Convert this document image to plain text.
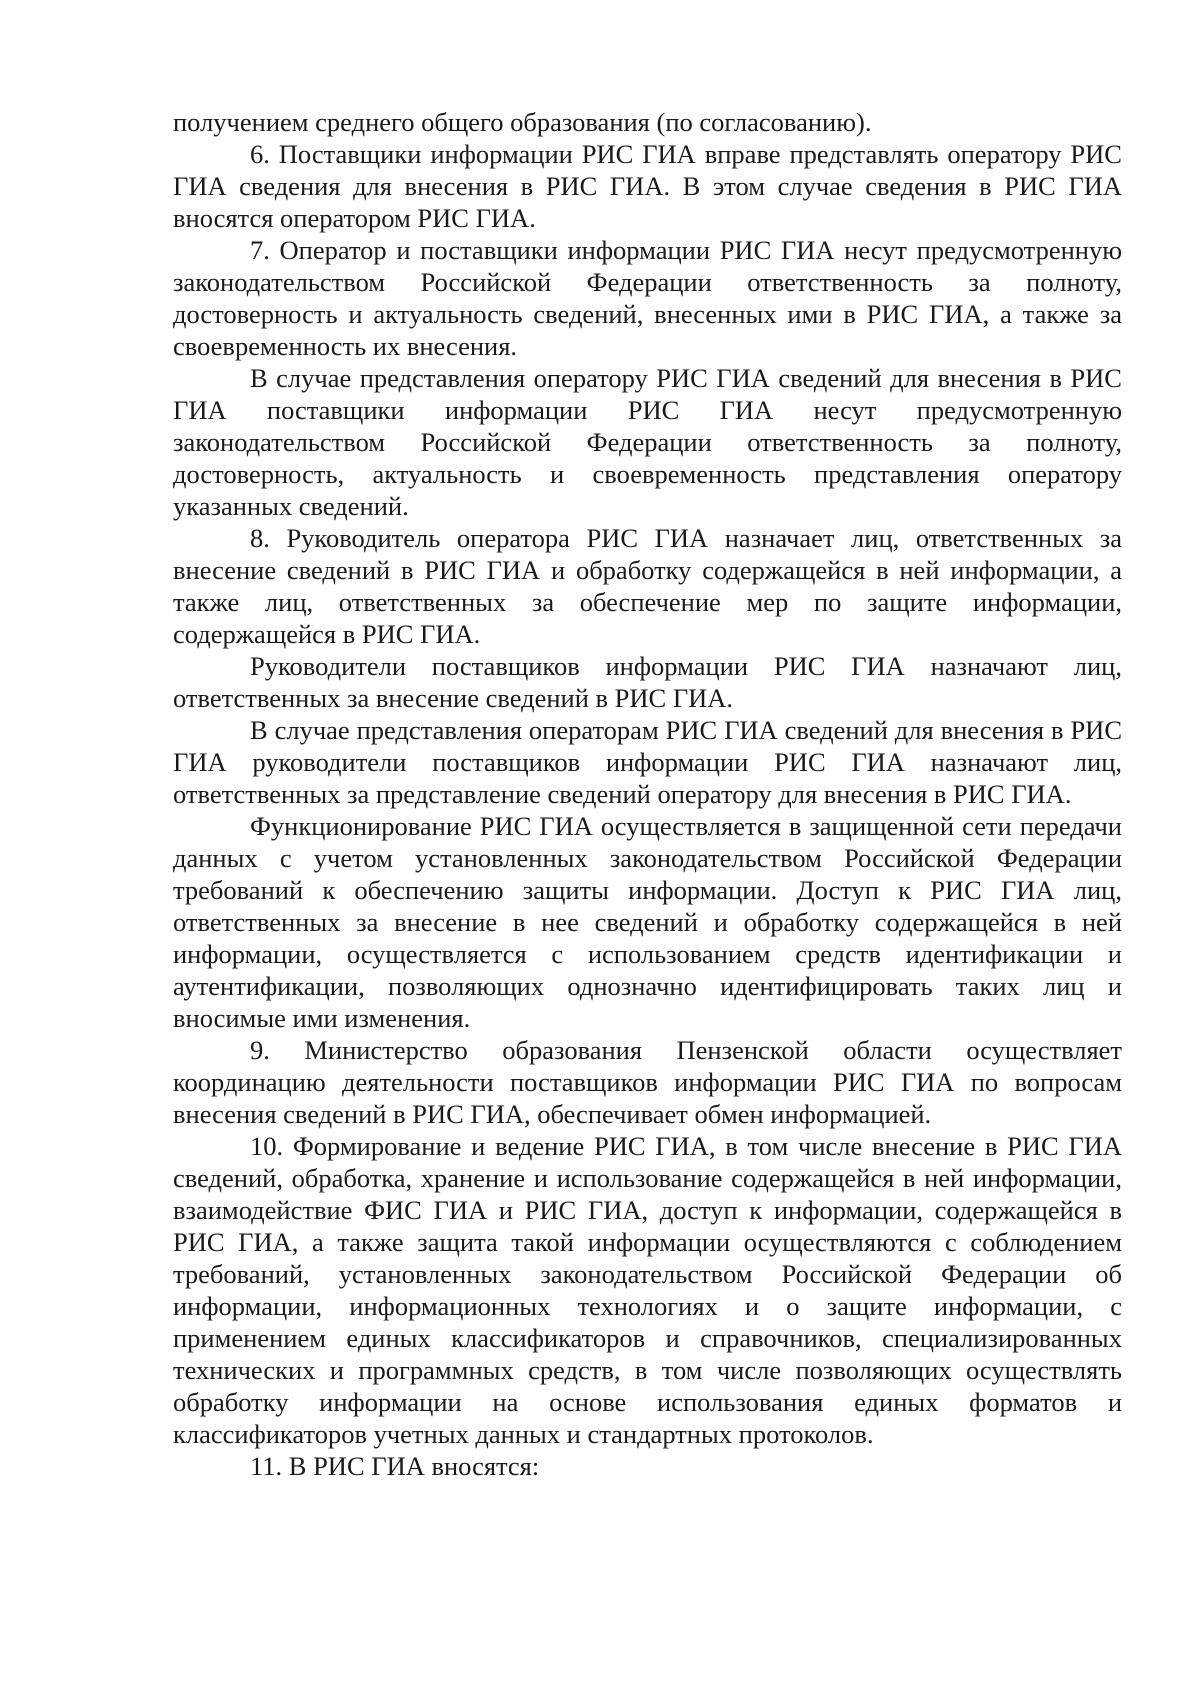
получением среднего общего образования (по согласованию).

6. Поставщики информации РИС ГИА вправе представлять оператору РИС ГИА сведения для внесения в РИС ГИА. В этом случае сведения в РИС ГИА вносятся оператором РИС ГИА.

7. Оператор и поставщики информации РИС ГИА несут предусмотренную законодательством Российской Федерации ответственность за полноту, достоверность и актуальность сведений, внесенных ими в РИС ГИА, а также за своевременность их внесения.

В случае представления оператору РИС ГИА сведений для внесения в РИС ГИА поставщики информации РИС ГИА несут предусмотренную законодательством Российской Федерации ответственность за полноту, достоверность, актуальность и своевременность представления оператору указанных сведений.

8. Руководитель оператора РИС ГИА назначает лиц, ответственных за внесение сведений в РИС ГИА и обработку содержащейся в ней информации, а также лиц, ответственных за обеспечение мер по защите информации, содержащейся в РИС ГИА.

Руководители поставщиков информации РИС ГИА назначают лиц, ответственных за внесение сведений в РИС ГИА.

В случае представления операторам РИС ГИА сведений для внесения в РИС ГИА руководители поставщиков информации РИС ГИА назначают лиц, ответственных за представление сведений оператору для внесения в РИС ГИА.

Функционирование РИС ГИА осуществляется в защищенной сети передачи данных с учетом установленных законодательством Российской Федерации требований к обеспечению защиты информации. Доступ к РИС ГИА лиц, ответственных за внесение в нее сведений и обработку содержащейся в ней информации, осуществляется с использованием средств идентификации и аутентификации, позволяющих однозначно идентифицировать таких лиц и вносимые ими изменения.

9. Министерство образования Пензенской области осуществляет координацию деятельности поставщиков информации РИС ГИА по вопросам внесения сведений в РИС ГИА, обеспечивает обмен информацией.

10. Формирование и ведение РИС ГИА, в том числе внесение в РИС ГИА сведений, обработка, хранение и использование содержащейся в ней информации, взаимодействие ФИС ГИА и РИС ГИА, доступ к информации, содержащейся в РИС ГИА, а также защита такой информации осуществляются с соблюдением требований, установленных законодательством Российской Федерации об информации, информационных технологиях и о защите информации, с применением единых классификаторов и справочников, специализированных технических и программных средств, в том числе позволяющих осуществлять обработку информации на основе использования единых форматов и классификаторов учетных данных и стандартных протоколов.

11. В РИС ГИА вносятся:
